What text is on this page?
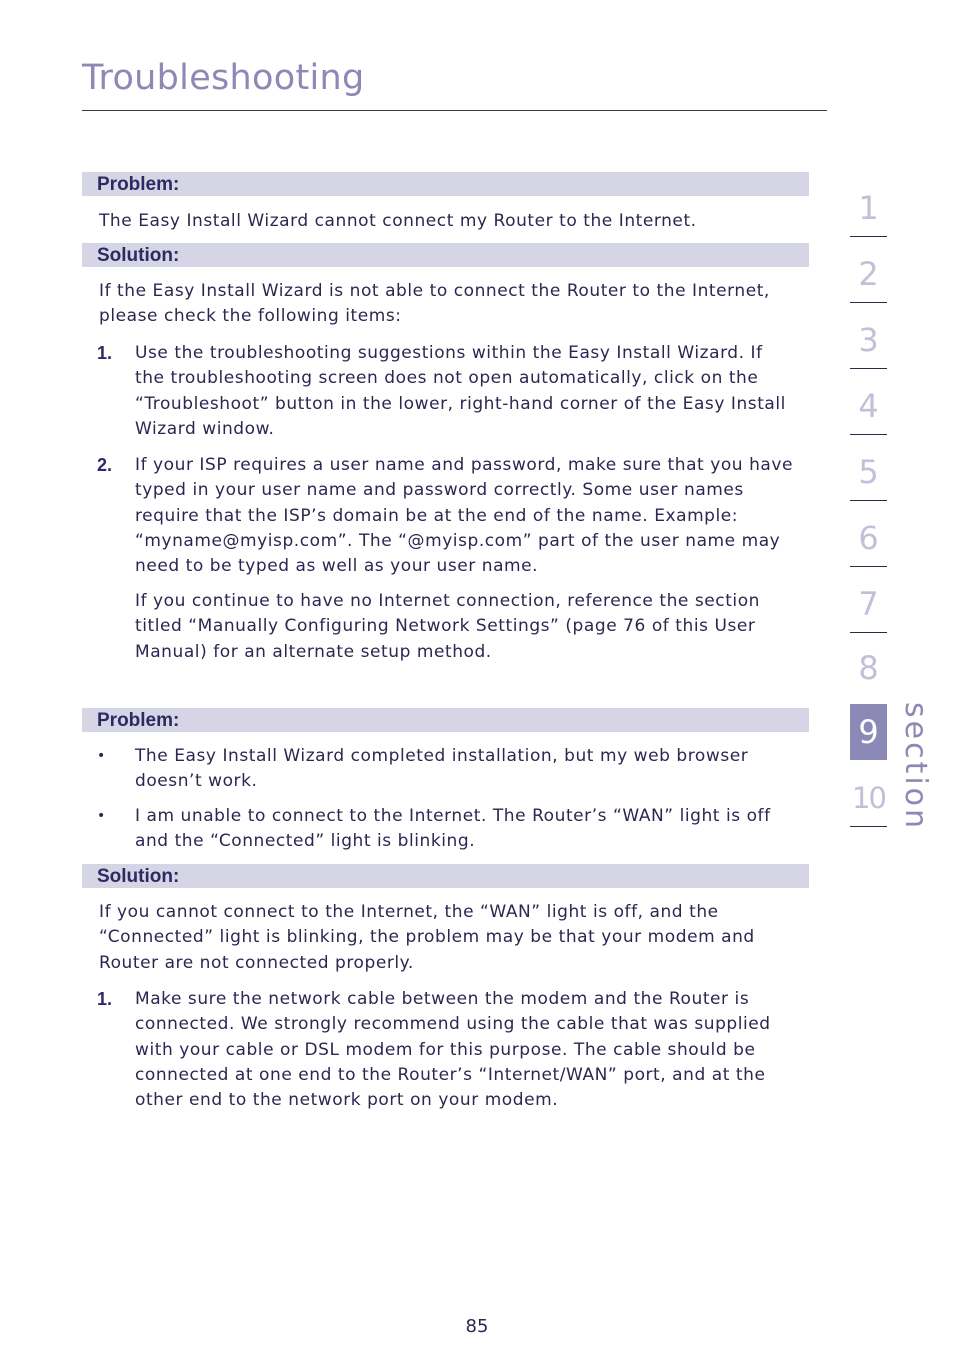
Troubleshooting
Problem:
The Easy Install Wizard cannot connect my Router to the Internet.
Solution:
If the Easy Install Wizard is not able to connect the Router to the Internet,
please check the following items:
1. Use the troubleshooting suggestions within the Easy Install Wizard. If
the troubleshooting screen does not open automatically, click on the
“Troubleshoot” button in the lower, right-hand corner of the Easy Install
Wizard window.
2. If your ISP requires a user name and password, make sure that you have
typed in your user name and password correctly. Some user names
require that the ISP’s domain be at the end of the name. Example:
“myname@myisp.com”. The “@myisp.com” part of the user name may
need to be typed as well as your user name.
If you continue to have no Internet connection, reference the section
titled “Manually Configuring Network Settings” (page 76 of this User
Manual) for an alternate setup method.
Problem:
• The Easy Install Wizard completed installation, but my web browser
doesn’t work.
• I am unable to connect to the Internet. The Router’s “WAN” light is off
and the “Connected” light is blinking.
Solution:
If you cannot connect to the Internet, the “WAN” light is off, and the
“Connected” light is blinking, the problem may be that your modem and
Router are not connected properly.
1. Make sure the network cable between the modem and the Router is
connected. We strongly recommend using the cable that was supplied
with your cable or DSL modem for this purpose. The cable should be
connected at one end to the Router’s “Internet/WAN” port, and at the
other end to the network port on your modem.
1
2
3
4
5
6
7
8
9
10 section
85
